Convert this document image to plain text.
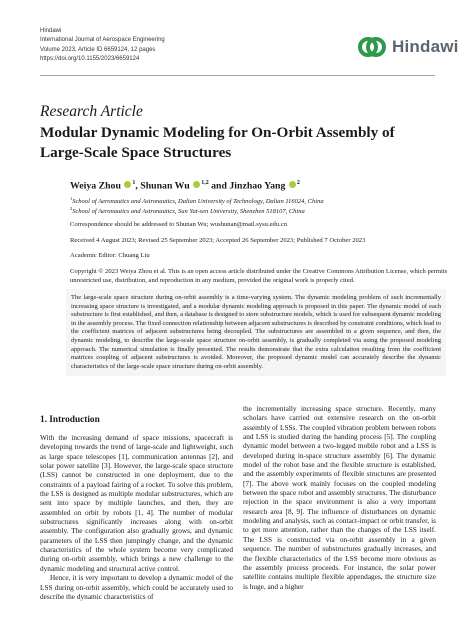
Hindawi
International Journal of Aerospace Engineering
Volume 2023, Article ID 6659124, 12 pages
https://doi.org/10.1155/2023/6659124
Hindawi
Research Article
Modular Dynamic Modeling for On-Orbit Assembly of Large-Scale Space Structures
Weiya Zhou $^1$, Shunan Wu $^{1,2}$ and Jinzhao Yang $^2$
$^1$School of Aeronautics and Astronautics, Dalian University of Technology, Dalian 116024, China
$^2$School of Aeronautics and Astronautics, Sun Yat-sen University, Shenzhen 518107, China
Correspondence should be addressed to Shunan Wu; wushunan@mail.sysu.edu.cn
Received 4 August 2023; Revised 25 September 2023; Accepted 26 September 2023; Published 7 October 2023
Academic Editor: Chuang Liu
Copyright © 2023 Weiya Zhou et al. This is an open access article distributed under the Creative Commons Attribution License, which permits unrestricted use, distribution, and reproduction in any medium, provided the original work is properly cited.
The large-scale space structure during on-orbit assembly is a time-varying system. The dynamic modeling problem of such incrementally increasing space structure is investigated, and a modular dynamic modeling approach is proposed in this paper. The dynamic model of each substructure is first established, and then, a database is designed to store substructure models, which is used for subsequent dynamic modeling in the assembly process. The fixed connection relationship between adjacent substructures is described by constraint conditions, which lead to the coefficient matrices of adjacent substructures being decoupled. The substructures are assembled in a given sequence, and then, the dynamic modeling, to describe the large-scale space structure on-orbit assembly, is gradually completed via using the proposed modeling approach. The numerical simulation is finally presented. The results demonstrate that the extra calculation resulting from the coefficient matrices coupling of adjacent substructures is avoided. Moreover, the proposed dynamic model can accurately describe the dynamic characteristics of the large-scale space structure during on-orbit assembly.
1. Introduction

With the increasing demand of space missions, spacecraft is developing towards the trend of large-scale and lightweight, such as large space telescopes [1], communication antennas [2], and solar power satellite [3]. However, the large-scale space structure (LSS) cannot be constructed in one deployment, due to the constraints of a payload fairing of a rocket. To solve this problem, the LSS is designed as multiple modular substructures, which are sent into space by multiple launches, and then, they are assembled on orbit by robots [1, 4]. The number of modular substructures significantly increases along with on-orbit assembly. The configuration also gradually grows, and dynamic parameters of the LSS then jumpingly change, and the dynamic characteristics of the whole system become very complicated during on-orbit assembly, which brings a new challenge to the dynamic modeling and structural active control.

Hence, it is very important to develop a dynamic model of the LSS during on-orbit assembly, which could be accurately used to describe the dynamic characteristics of

the incrementally increasing space structure. Recently, many scholars have carried out extensive research on the on-orbit assembly of LSSs. The coupled vibration problem between robots and LSS is studied during the handing process [5]. The coupling dynamic model between a two-legged mobile robot and a LSS is developed during in-space structure assembly [6]. The dynamic model of the robot base and the flexible structure is established, and the assembly experiments of flexible structures are presented [7]. The above work mainly focuses on the coupled modeling between the space robot and assembly structures. The disturbance rejection in the space environment is also a very important research area [8, 9]. The influence of disturbances on dynamic modeling and analysis, such as contact-impact or orbit transfer, is to get more attention, rather than the changes of the LSS itself. The LSS is constructed via on-orbit assembly in a given sequence. The number of substructures gradually increases, and the flexible characteristics of the LSS become more obvious as the assembly process proceeds. For instance, the solar power satellite contains multiple flexible appendages, the structure size is huge, and a higher
